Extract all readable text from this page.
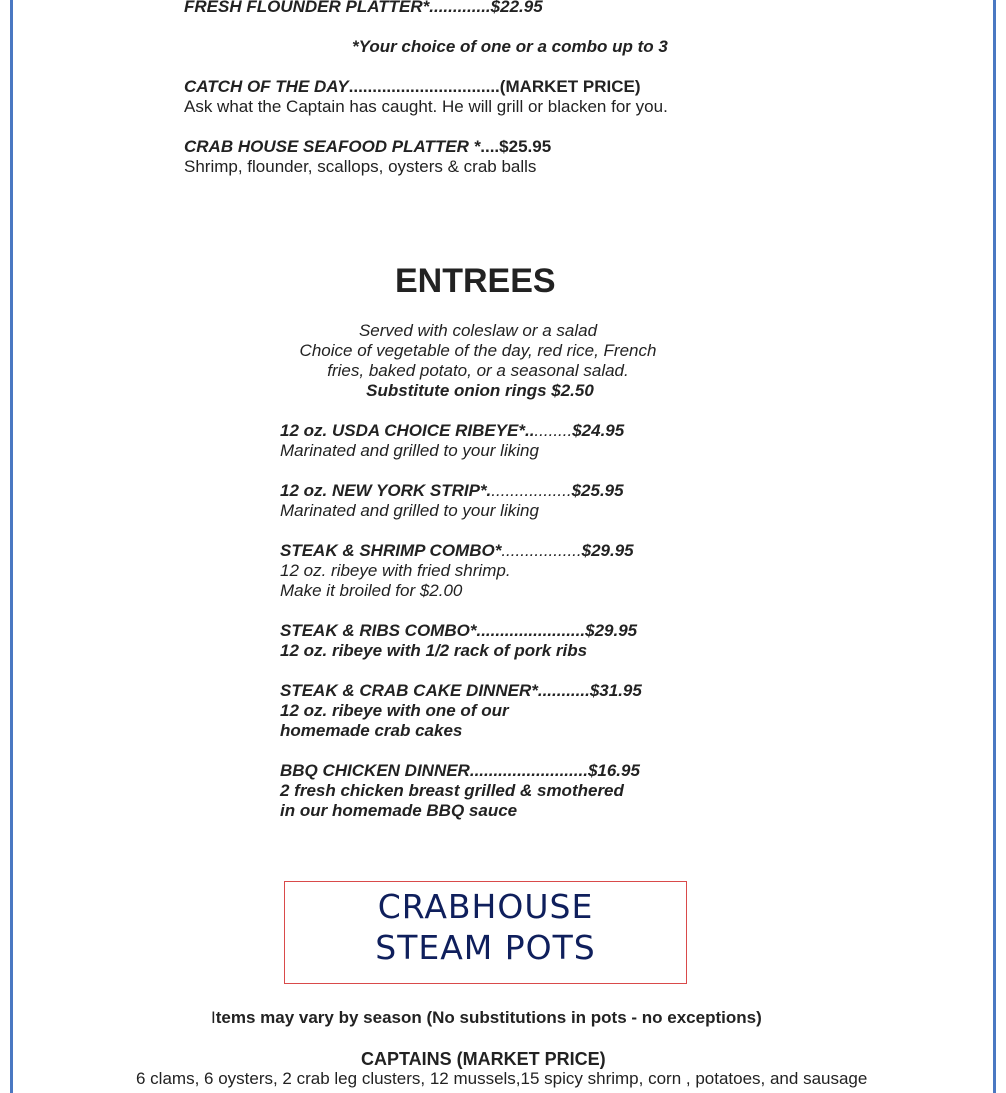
FRESH FLOUNDER PLATTER*.............$22.95

*Your choice of one or a combo up to 3

CATCH OF THE DAY................................(MARKET PRICE)

Ask what the Captain has caught. He will grill or blacken for you.

CRAB HOUSE SEAFOOD PLATTER *....$25.95

Shrimp, flounder, scallops, oysters & crab balls

ENTREES

Served with coleslaw or a salad

Choice of vegetable of the day, red rice, French

fries, baked potato, or a seasonal salad.

Substitute onion rings $2.50

12 oz. USDA CHOICE RIBEYE*..........$24.95

Marinated and grilled to your liking

12 oz. NEW YORK STRIP*..................$25.95

Marinated and grilled to your liking

STEAK & SHRIMP COMBO*.................$29.95

12 oz. ribeye with fried shrimp.

Make it broiled for $2.00

STEAK & RIBS COMBO*.......................$29.95

12 oz. ribeye with 1/2 rack of pork ribs

STEAK & CRAB CAKE DINNER*...........$31.95

12 oz. ribeye with one of our

homemade crab cakes

BBQ CHICKEN DINNER.........................$16.95

2 fresh chicken breast grilled & smothered

in our homemade BBQ sauce

CRABHOUSE
STEAM POTS

Items may vary by season (No substitutions in pots - no exceptions)

CAPTAINS (MARKET PRICE)

6 clams, 6 oysters, 2 crab leg clusters, 12 mussels,15 spicy shrimp, corn , potatoes, and sausage
